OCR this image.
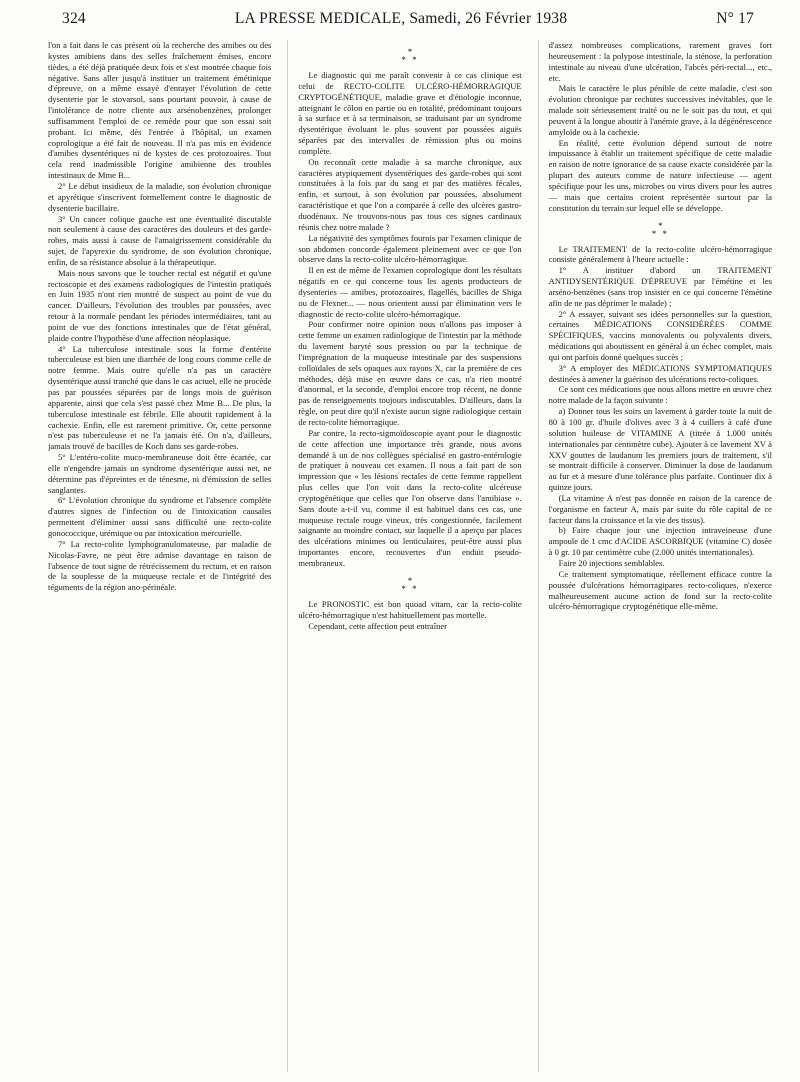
324	LA PRESSE MEDICALE, Samedi, 26 Février 1938	N° 17

l'on a fait dans le cas présent où la recherche des amibes ou des kystes amibiens dans des selles fraîchement émises, encore tièdes, a été déjà pratiquée deux fois et s'est montrée chaque fois négative. Sans aller jusqu'à instituer un traitement émétinique d'épreuve, on a même essayé d'enrayer l'évolution de cette dysenterie par le stovarsol, sans pourtant pouvoir, à cause de l'intolérance de notre cliente aux arsénobenzènes, prolonger suffisamment l'emploi de ce remède pour que son essai soit probant. Ici même, dès l'entrée à l'hôpital, un examen coprologique a été fait de nouveau. Il n'a pas mis en évidence d'amibes dysentériques ni de kystes de ces protozoaires. Tout cela rend inadmissible l'origine amibienne des troubles intestinaux de Mme B...

2° Le début insidieux de la maladie, son évolution chronique et apyrétique s'inscrivent formellement contre le diagnostic de dysenterie bacillaire.

3° Un cancer colique gauche est une éventualité discutable non seulement à cause des caractères des douleurs et des garde-robes, mais aussi à cause de l'amaigrissement considérable du sujet, de l'apyrexie du syndrome, de son évolution chronique, enfin, de sa résistance absolue à la thérapeutique.

Mais nous savons que le toucher rectal est négatif et qu'une rectoscopie et des examens radiologiques de l'intestin pratiqués en Juin 1935 n'ont rien montré de suspect au point de vue du cancer. D'ailleurs, l'évolution des troubles par poussées, avec retour à la normale pendant les périodes intermédiaires, tant au point de vue des fonctions intestinales que de l'état général, plaide contre l'hypothèse d'une affection néoplasique.

4° La tuberculose intestinale sous la forme d'entérite tuberculeuse est bien une diarrhée de long cours comme celle de notre femme. Mais outre qu'elle n'a pas un caractère dysentérique aussi tranché que dans le cas actuel, elle ne procède pas par poussées séparées par de longs mois de guérison apparente, ainsi que cela s'est passé chez Mme B... De plus, la tuberculose intestinale est fébrile. Elle aboutit rapidement à la cachexie. Enfin, elle est rarement primitive. Or, cette personne n'est pas tuberculeuse et ne l'a jamais été. On n'a, d'ailleurs, jamais trouvé de bacilles de Koch dans ses garde-robes.

5° L'entéro-colite muco-membraneuse doit être écartée, car elle n'engendre jamais un syndrome dysentérique aussi net, ne détermine pas d'épreintes et de ténesme, ni d'émission de selles sanglantes.

6° L'évolution chronique du syndrome et l'absence complète d'autres signes de l'infection ou de l'intoxication causales permettent d'éliminer aussi sans difficulté une recto-colite gonococcique, urémique ou par intoxication mercurielle.

7° La recto-colite lymphogranulomateuse, par maladie de Nicolas-Favre, ne peut être admise davantage en raison de l'absence de tout signe de rétrécissement du rectum, et en raison de la souplesse de la muqueuse rectale et de l'intégrité des téguments de la région ano-périnéale.

*
* *

Le diagnostic qui me paraît convenir à ce cas clinique est celui de RECTO-COLITE ULCÉRO-HÉMORRAGIQUE CRYPTOGÉNÉTIQUE, maladie grave et d'étiologie inconnue, atteignant le côlon en partie ou en totalité, prédominant toujours à sa surface et à sa terminaison, se traduisant par un syndrome dysentérique évoluant le plus souvent par poussées aiguës séparées par des intervalles de rémission plus ou moins complète.

On reconnaît cette maladie à sa marche chronique, aux caractères atypiquement dysentériques des garde-robes qui sont constituées à la fois par du sang et par des matières fécales, enfin, et surtout, à son évolution par poussées, absolument caractéristique et que l'on a comparée à celle des ulcères gastro-duodénaux. Ne trouvons-nous pas tous ces signes cardinaux réunis chez notre malade ?

La négativité des symptômes fournis par l'examen clinique de son abdomen concorde également pleinement avec ce que l'on observe dans la recto-colite ulcéro-hémorragique.

Il en est de même de l'examen coprologique dont les résultats négatifs en ce qui concerne tous les agents producteurs de dysenteries — amibes, protozoaires, flagellés, bacilles de Shiga ou de Flexner... — nous orientent aussi par élimination vers le diagnostic de recto-colite ulcéro-hémorragique.

Pour confirmer notre opinion nous n'allons pas imposer à cette femme un examen radiologique de l'intestin par la méthode du lavement baryté sous pression ou par la technique de l'imprégnation de la muqueuse intestinale par des suspensions colloïdales de sels opaques aux rayons X, car la première de ces méthodes, déjà mise en œuvre dans ce cas, n'a rien montré d'anormal, et la seconde, d'emploi encore trop récent, ne donne pas de renseignements toujours indiscutables. D'ailleurs, dans la règle, on peut dire qu'il n'existe aucun signe radiologique certain de recto-colite hémorragique.

Par contre, la recto-sigmoïdoscopie ayant pour le diagnostic de cette affection une importance très grande, nous avons demandé à un de nos collègues spécialisé en gastro-entérologie de pratiquer à nouveau cet examen. Il nous a fait part de son impression que « les lésions rectales de cette femme rappellent plus celles que l'on voit dans la recto-colite ulcéreuse cryptogénétique que celles que l'on observe dans l'amibiase ». Sans doute a-t-il vu, comme il est habituel dans ces cas, une muqueuse rectale rouge vineux, très congestionnée, facilement saignante au moindre contact, sur laquelle il a aperçu par places des ulcérations minimes ou lenticulaires, peut-être aussi plus importantes encore, recouvertes d'un enduit pseudo-membraneux.

*
* *

Le PRONOSTIC est bon quoad vitam, car la recto-colite ulcéro-hémorragique n'est habituellement pas mortelle.

Cependant, cette affection peut entraîner

d'assez nombreuses complications, rarement graves fort heureusement : la polypose intestinale, la sténose, la perforation intestinale au niveau d'une ulcération, l'abcès péri-rectal..., etc., etc.

Mais le caractère le plus pénible de cette maladie, c'est son évolution chronique par rechutes successives inévitables, que le malade soit sérieusement traité ou ne le soit pas du tout, et qui peuvent à la longue aboutir à l'anémie grave, à la dégénérescence amyloïde ou à la cachexie.

En réalité, cette évolution dépend surtout de notre impuissance à établir un traitement spécifique de cette maladie en raison de notre ignorance de sa cause exacte considérée par la plupart des auteurs comme de nature infectieuse — agent spécifique pour les uns, microbes ou virus divers pour les autres — mais que certains croient représentée surtout par la constitution du terrain sur lequel elle se développe.

*
* *

Le TRAITEMENT de la recto-colite ulcéro-hémorragique consiste généralement à l'heure actuelle :

1° A instituer d'abord un TRAITEMENT ANTIDYSENTÉRIQUE D'ÉPREUVE par l'émétine et les arséno-benzènes (sans trop insister en ce qui concerne l'émétine afin de ne pas déprimer le malade) ;

2° A essayer, suivant ses idées personnelles sur la question, certaines MÉDICATIONS CONSIDÉRÉES COMME SPÉCIFIQUES, vaccins monovalents ou polyvalents divers, médications qui aboutissent en général à un échec complet, mais qui ont parfois donné quelques succès ;

3° A employer des MÉDICATIONS SYMPTOMATIQUES destinées à amener la guérison des ulcérations recto-coliques.

Ce sont ces médications que nous allons mettre en œuvre chez notre malade de la façon suivante :

a) Donner tous les soirs un lavement à garder toute la nuit de 80 à 100 gr. d'huile d'olives avec 3 à 4 cuillers à café d'une solution huileuse de VITAMINE A (titrée à 1.000 unités internationales par centimètre cube). Ajouter à ce lavement XV à XXV gouttes de laudanum les premiers jours de traitement, s'il se montrait difficile à conserver. Diminuer la dose de laudanum au fur et à mesure d'une tolérance plus parfaite. Continuer dix à quinze jours.

(La vitamine A n'est pas donnée en raison de la carence de l'organisme en facteur A, mais par suite du rôle capital de ce facteur dans la croissance et la vie des tissus).

b) Faire chaque jour une injection intraveineuse d'une ampoule de 1 cmc d'ACIDE ASCORBIQUE (vitamine C) dosée à 0 gr. 10 par centimètre cube (2.000 unités internationales).

Faire 20 injections semblables.

Ce traitement symptomatique, réellement efficace contre la poussée d'ulcérations hémorragipares recto-coliques, n'exerce malheureusement aucune action de fond sur la recto-colite ulcéro-hémorragique cryptogénétique elle-même.
